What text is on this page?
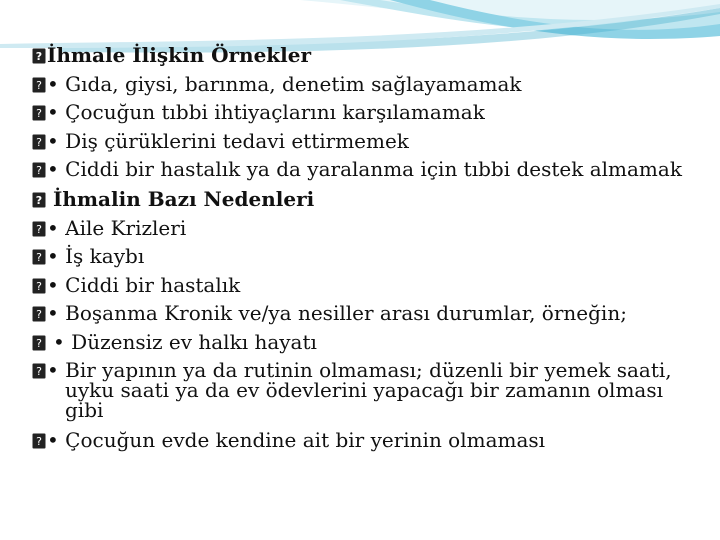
? İhmale İlişkin Örnekler
? • Gıda, giysi, barınma, denetim sağlayamamak
? • Çocuğun tıbbi ihtiyaçlarını karşılamamak
? • Diş çürüklerini tedavi ettirmemek
? • Ciddi bir hastalık ya da yaralanma için tıbbi destek almamak
? İhmalin Bazı Nedenleri
? • Aile Krizleri
? • İş kaybı
? • Ciddi bir hastalık
? • Boşanma Kronik ve/ya nesiller arası durumlar, örneğin;
? • Düzensiz ev halkı hayatı
? • Bir yapının ya da rutinin olmaması; düzenli bir yemek saati, uyku saati ya da ev ödevlerini yapacağı bir zamanın olması gibi
? • Çocuğun evde kendine ait bir yerinin olmaması
